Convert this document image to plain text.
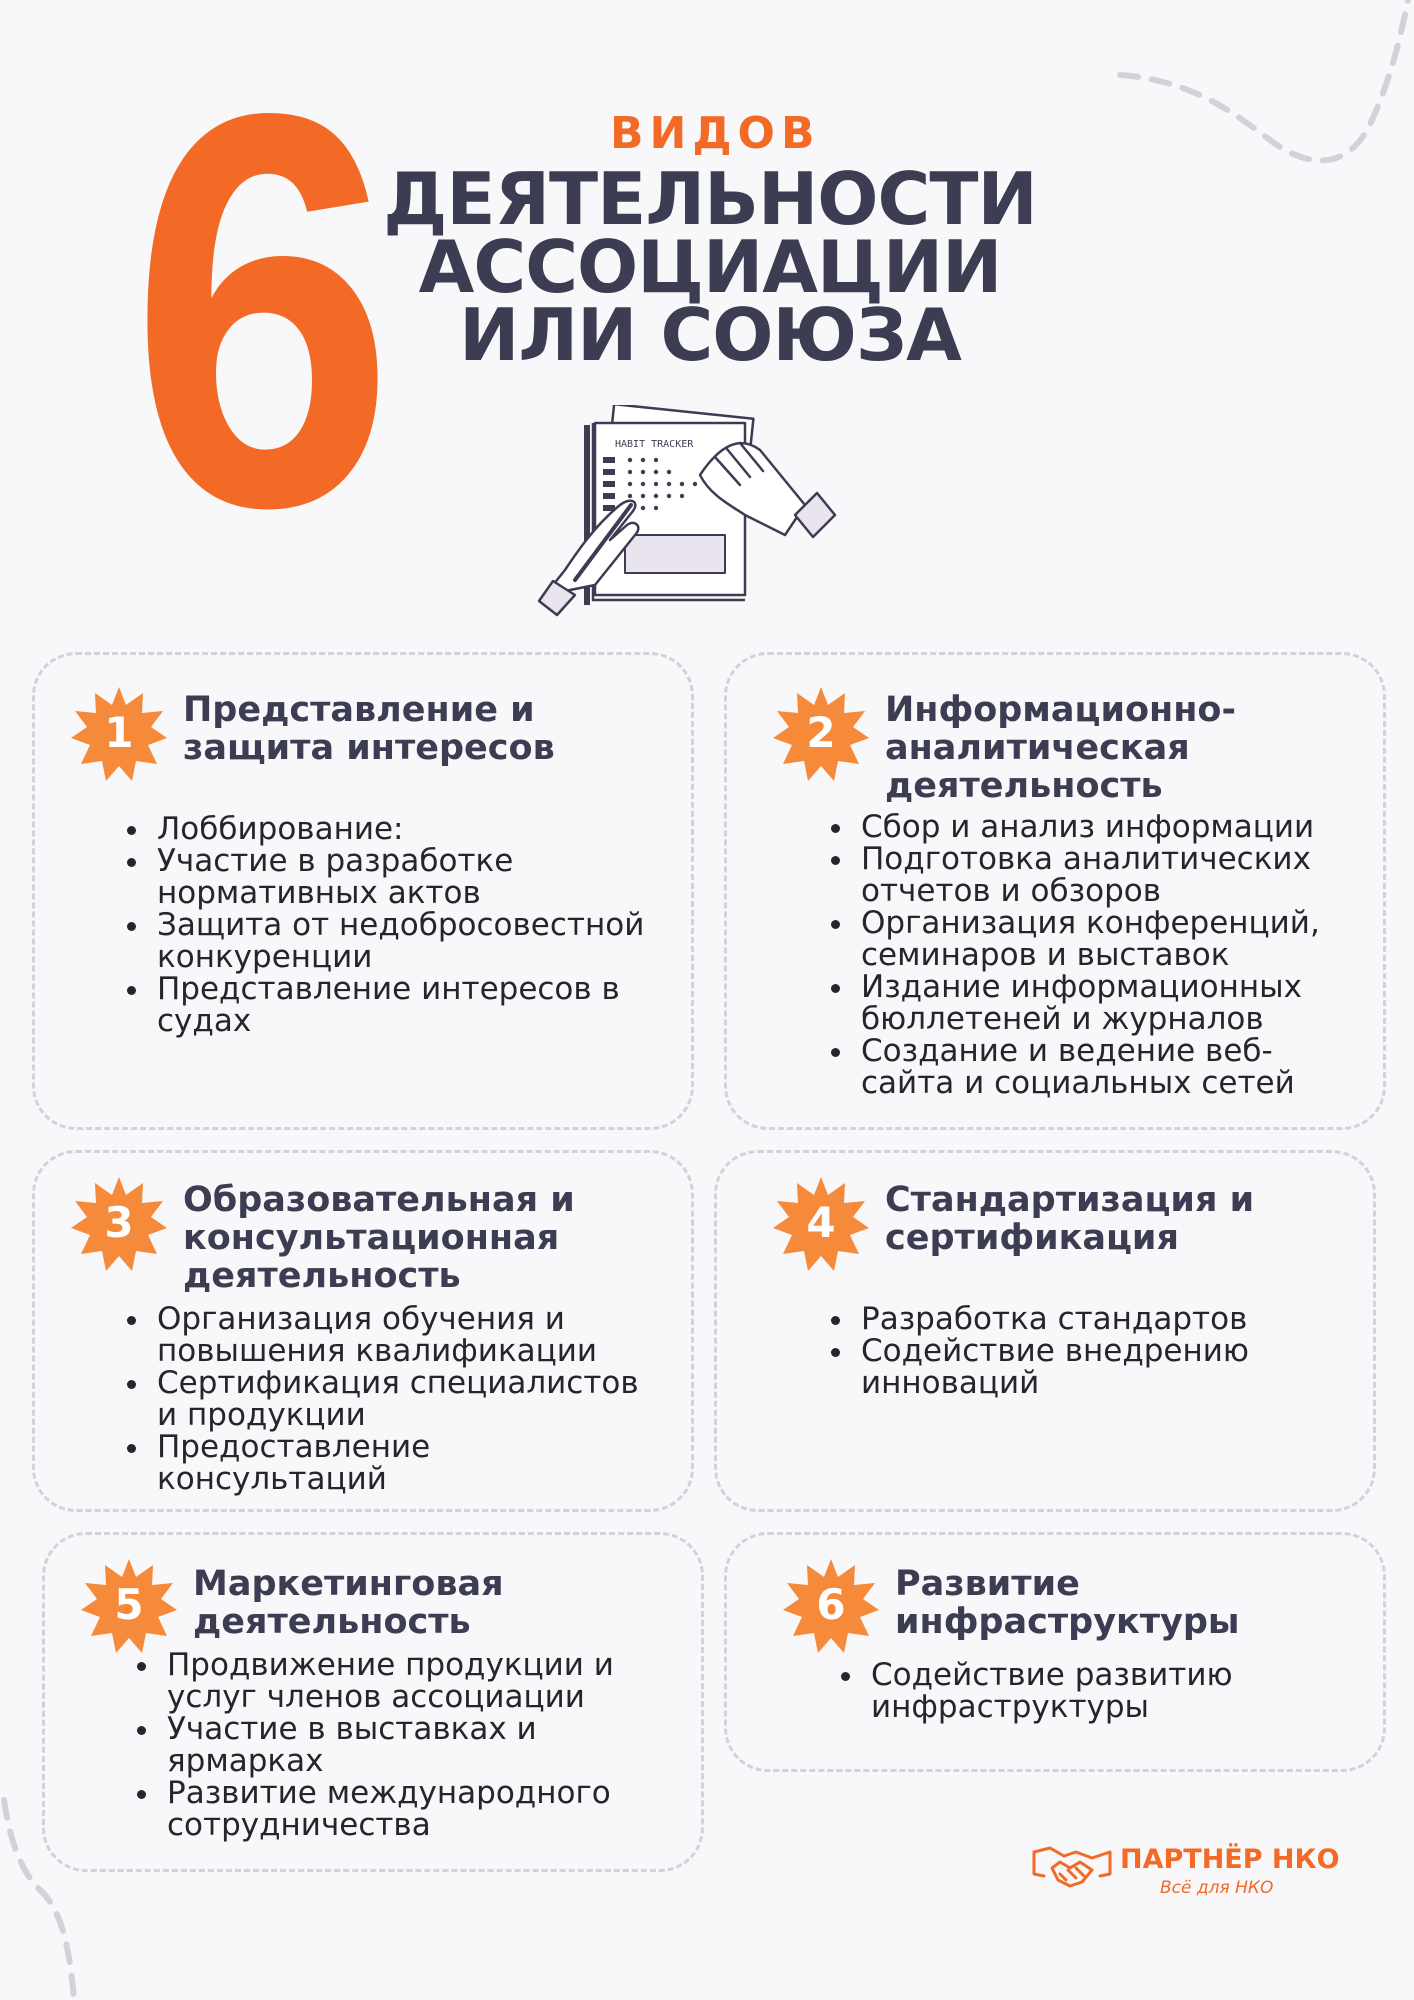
6	ВИДОВ
ДЕЯТЕЛЬНОСТИ
АССОЦИАЦИИ
ИЛИ СОЮЗА
HABIT TRACKER
1	Представление и
защита интересов
Лоббирование:
Участие в разработке
нормативных актов
Защита от недобросовестной
конкуренции
Представление интересов в
судах
2	Информационно-
аналитическая
деятельность
Сбор и анализ информации
Подготовка аналитических
отчетов и обзоров
Организация конференций,
семинаров и выставок
Издание информационных
бюллетеней и журналов
Создание и ведение веб-
сайта и социальных сетей
3	Образовательная и
консультационная
деятельность
Организация обучения и
повышения квалификации
Сертификация специалистов
и продукции
Предоставление
консультаций
4	Стандартизация и
сертификация
Разработка стандартов
Содействие внедрению
инноваций
5	Маркетинговая
деятельность
Продвижение продукции и
услуг членов ассоциации
Участие в выставках и
ярмарках
Развитие международного
сотрудничества
6	Развитие
инфраструктуры
Содействие развитию
инфраструктуры
ПАРТНЁР НКО
Всё для НКО
